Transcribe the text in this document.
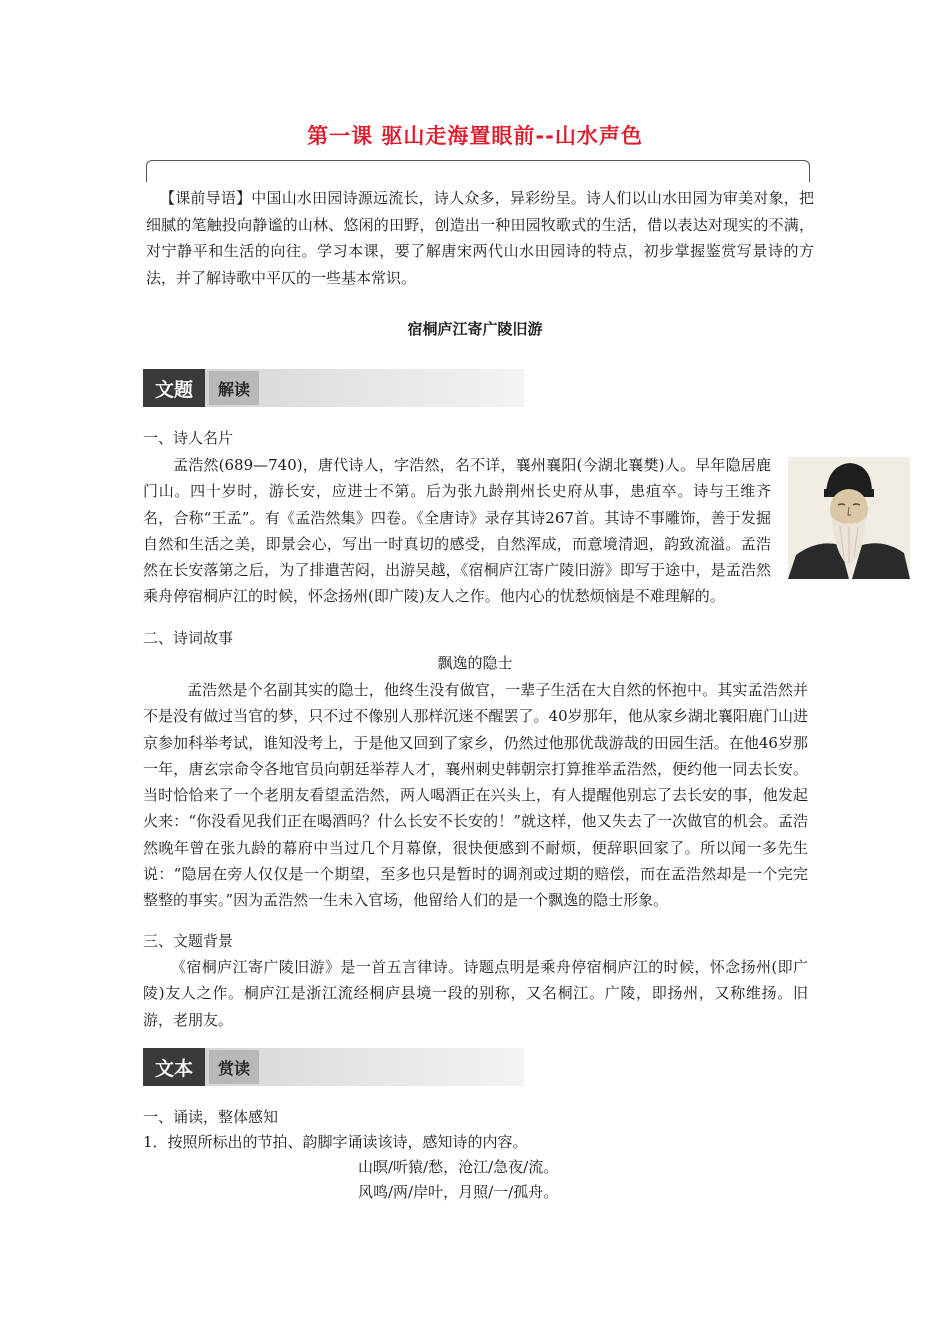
第一课 驱山走海置眼前--山水声色
【课前导语】中国山水田园诗源远流长，诗人众多，异彩纷呈。诗人们以山水田园为审美对象，把细腻的笔触投向静谧的山林、悠闲的田野，创造出一种田园牧歌式的生活，借以表达对现实的不满，对宁静平和生活的向往。学习本课，要了解唐宋两代山水田园诗的特点，初步掌握鉴赏写景诗的方法，并了解诗歌中平仄的一些基本常识。
宿桐庐江寄广陵旧游
文题	解读
一、诗人名片
孟浩然(689—740)，唐代诗人，字浩然，名不详，襄州襄阳(今湖北襄樊)人。早年隐居鹿门山。四十岁时，游长安，应进士不第。后为张九龄荆州长史府从事，患疽卒。诗与王维齐名，合称“王孟”。有《孟浩然集》四卷。《全唐诗》录存其诗267首。其诗不事雕饰，善于发掘自然和生活之美，即景会心，写出一时真切的感受，自然浑成，而意境清迥，韵致流溢。孟浩然在长安落第之后，为了排遣苦闷，出游吴越，《宿桐庐江寄广陵旧游》即写于途中，是孟浩然乘舟停宿桐庐江的时候，怀念扬州(即广陵)友人之作。他内心的忧愁烦恼是不难理解的。
二、诗词故事
飘逸的隐士
孟浩然是个名副其实的隐士，他终生没有做官，一辈子生活在大自然的怀抱中。其实孟浩然并不是没有做过当官的梦，只不过不像别人那样沉迷不醒罢了。40岁那年，他从家乡湖北襄阳鹿门山进京参加科举考试，谁知没考上，于是他又回到了家乡，仍然过他那优哉游哉的田园生活。在他46岁那一年，唐玄宗命令各地官员向朝廷举荐人才，襄州刺史韩朝宗打算推举孟浩然，便约他一同去长安。当时恰恰来了一个老朋友看望孟浩然，两人喝酒正在兴头上，有人提醒他别忘了去长安的事，他发起火来：“你没看见我们正在喝酒吗？什么长安不长安的！”就这样，他又失去了一次做官的机会。孟浩然晚年曾在张九龄的幕府中当过几个月幕僚，很快便感到不耐烦，便辞职回家了。所以闻一多先生说：“隐居在旁人仅仅是一个期望，至多也只是暂时的调剂或过期的赔偿，而在孟浩然却是一个完完整整的事实。”因为孟浩然一生未入官场，他留给人们的是一个飘逸的隐士形象。
三、文题背景
《宿桐庐江寄广陵旧游》是一首五言律诗。诗题点明是乘舟停宿桐庐江的时候，怀念扬州(即广陵)友人之作。桐庐江是浙江流经桐庐县境一段的别称，又名桐江。广陵，即扬州，又称维扬。旧游，老朋友。
文本	赏读
一、诵读，整体感知
1．按照所标出的节拍、韵脚字诵读该诗，感知诗的内容。
山暝/听猿/愁，沧江/急夜/流。
风鸣/两/岸叶，月照/一/孤舟。
